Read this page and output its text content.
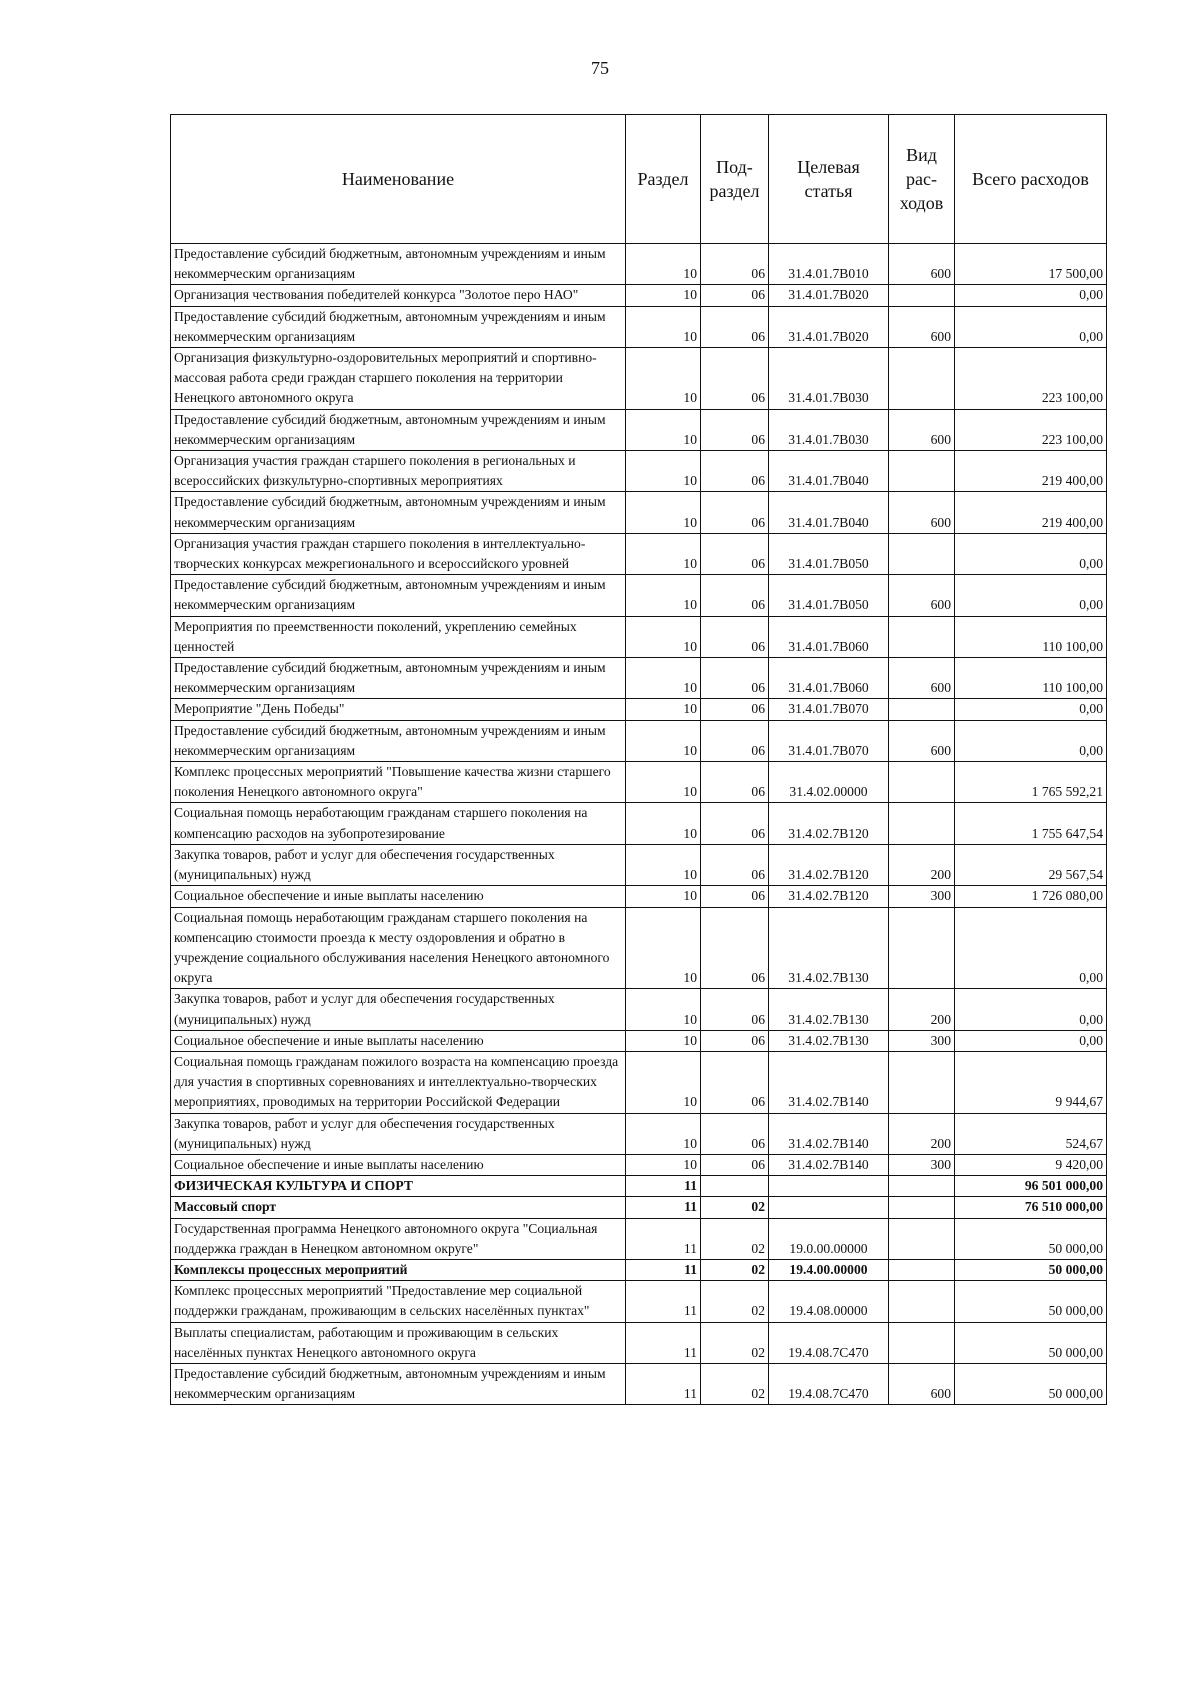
75
Наименование	Раздел	Под- раздел	Целевая статья	Вид рас- ходов	Всего расходов
Предоставление субсидий бюджетным, автономным учреждениям и иным некоммерческим организациям	10	06	31.4.01.7В010	600	17 500,00
Организация чествования победителей конкурса "Золотое перо НАО"	10	06	31.4.01.7В020		0,00
Предоставление субсидий бюджетным, автономным учреждениям и иным некоммерческим организациям	10	06	31.4.01.7В020	600	0,00
Организация физкультурно-оздоровительных мероприятий и спортивно-массовая работа среди граждан старшего поколения на территории Ненецкого автономного округа	10	06	31.4.01.7В030		223 100,00
Предоставление субсидий бюджетным, автономным учреждениям и иным некоммерческим организациям	10	06	31.4.01.7В030	600	223 100,00
Организация участия граждан старшего поколения в региональных и всероссийских физкультурно-спортивных мероприятиях	10	06	31.4.01.7В040		219 400,00
Предоставление субсидий бюджетным, автономным учреждениям и иным некоммерческим организациям	10	06	31.4.01.7В040	600	219 400,00
Организация участия граждан старшего поколения в интеллектуально-творческих конкурсах межрегионального и всероссийского уровней	10	06	31.4.01.7В050		0,00
Предоставление субсидий бюджетным, автономным учреждениям и иным некоммерческим организациям	10	06	31.4.01.7В050	600	0,00
Мероприятия по преемственности поколений, укреплению семейных ценностей	10	06	31.4.01.7В060		110 100,00
Предоставление субсидий бюджетным, автономным учреждениям и иным некоммерческим организациям	10	06	31.4.01.7В060	600	110 100,00
Мероприятие "День Победы"	10	06	31.4.01.7В070		0,00
Предоставление субсидий бюджетным, автономным учреждениям и иным некоммерческим организациям	10	06	31.4.01.7В070	600	0,00
Комплекс процессных мероприятий "Повышение качества жизни старшего поколения Ненецкого автономного округа"	10	06	31.4.02.00000		1 765 592,21
Социальная помощь неработающим гражданам старшего поколения на компенсацию расходов на зубопротезирование	10	06	31.4.02.7В120		1 755 647,54
Закупка товаров, работ и услуг для обеспечения государственных (муниципальных) нужд	10	06	31.4.02.7В120	200	29 567,54
Социальное обеспечение и иные выплаты населению	10	06	31.4.02.7В120	300	1 726 080,00
Социальная помощь неработающим гражданам старшего поколения на компенсацию стоимости проезда к месту оздоровления и обратно в учреждение социального обслуживания населения Ненецкого автономного округа	10	06	31.4.02.7В130		0,00
Закупка товаров, работ и услуг для обеспечения государственных (муниципальных) нужд	10	06	31.4.02.7В130	200	0,00
Социальное обеспечение и иные выплаты населению	10	06	31.4.02.7В130	300	0,00
Социальная помощь гражданам пожилого возраста на компенсацию проезда для участия в спортивных соревнованиях и интеллектуально-творческих мероприятиях, проводимых на территории Российской Федерации	10	06	31.4.02.7В140		9 944,67
Закупка товаров, работ и услуг для обеспечения государственных (муниципальных) нужд	10	06	31.4.02.7В140	200	524,67
Социальное обеспечение и иные выплаты населению	10	06	31.4.02.7В140	300	9 420,00
ФИЗИЧЕСКАЯ КУЛЬТУРА И СПОРТ	11				96 501 000,00
Массовый спорт	11	02			76 510 000,00
Государственная программа Ненецкого автономного округа "Социальная поддержка граждан в Ненецком автономном округе"	11	02	19.0.00.00000		50 000,00
Комплексы процессных мероприятий	11	02	19.4.00.00000		50 000,00
Комплекс процессных мероприятий "Предоставление мер социальной поддержки гражданам, проживающим в сельских населённых пунктах"	11	02	19.4.08.00000		50 000,00
Выплаты специалистам, работающим и проживающим в сельских населённых пунктах Ненецкого автономного округа	11	02	19.4.08.7С470		50 000,00
Предоставление субсидий бюджетным, автономным учреждениям и иным некоммерческим организациям	11	02	19.4.08.7С470	600	50 000,00
